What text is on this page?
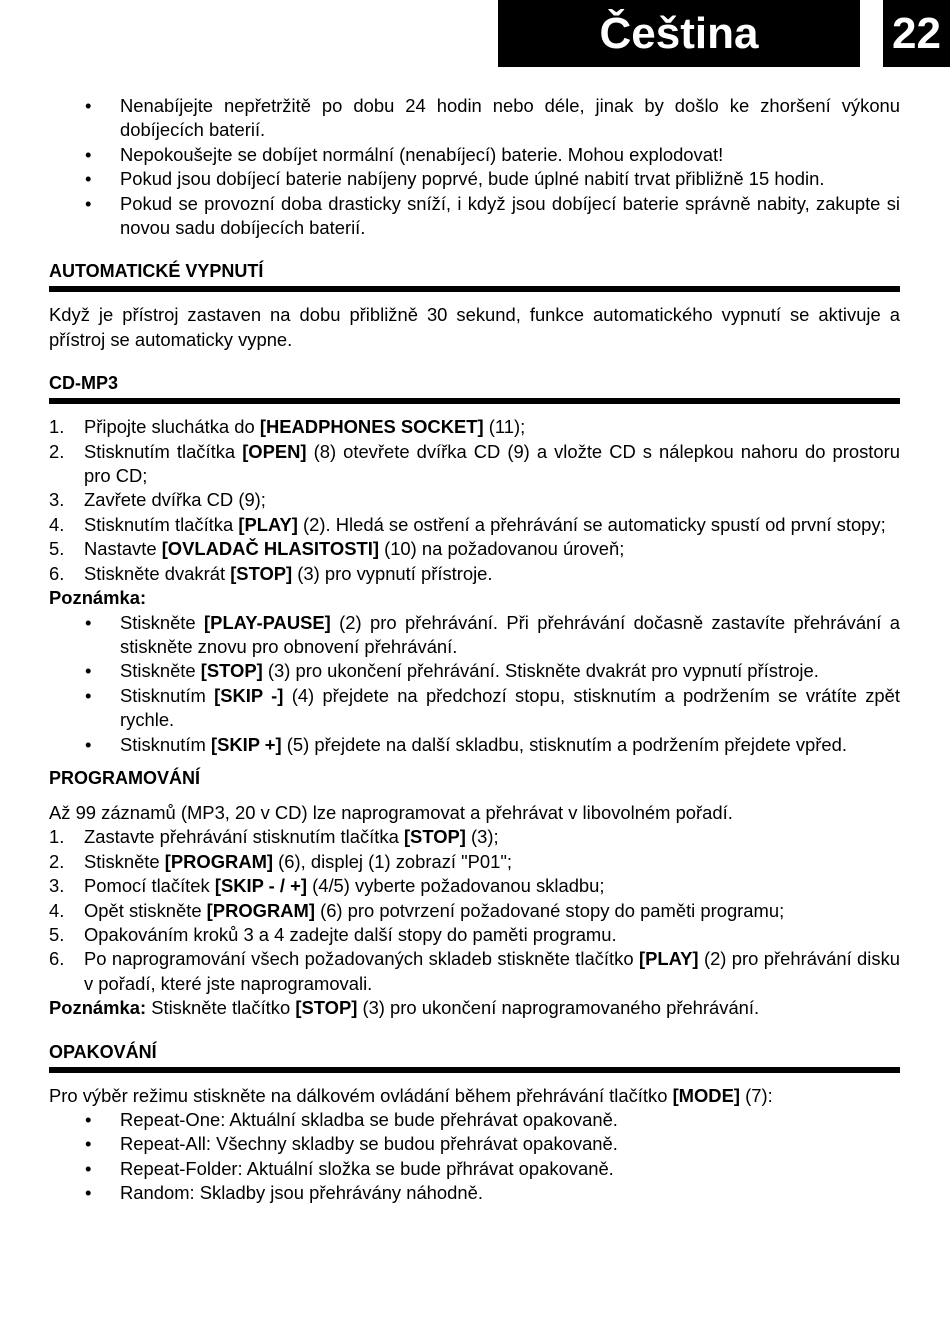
Čeština	22
• Nenabíjejte nepřetržitě po dobu 24 hodin nebo déle, jinak by došlo ke zhoršení výkonu dobíjecích baterií.
• Nepokoušejte se dobíjet normální (nenabíjecí) baterie. Mohou explodovat!
• Pokud jsou dobíjecí baterie nabíjeny poprvé, bude úplné nabití trvat přibližně 15 hodin.
• Pokud se provozní doba drasticky sníží, i když jsou dobíjecí baterie správně nabity, zakupte si novou sadu dobíjecích baterií.
AUTOMATICKÉ VYPNUTÍ
Když je přístroj zastaven na dobu přibližně 30 sekund, funkce automatického vypnutí se aktivuje a přístroj se automaticky vypne.
CD-MP3
1. Připojte sluchátka do [HEADPHONES SOCKET] (11);
2. Stisknutím tlačítka [OPEN] (8) otevřete dvířka CD (9) a vložte CD s nálepkou nahoru do prostoru pro CD;
3. Zavřete dvířka CD (9);
4. Stisknutím tlačítka [PLAY] (2). Hledá se ostření a přehrávání se automaticky spustí od první stopy;
5. Nastavte [OVLADAČ HLASITOSTI] (10) na požadovanou úroveň;
6. Stiskněte dvakrát [STOP] (3) pro vypnutí přístroje.
Poznámka:
• Stiskněte [PLAY-PAUSE] (2) pro přehrávání. Při přehrávání dočasně zastavíte přehrávání a stiskněte znovu pro obnovení přehrávání.
• Stiskněte [STOP] (3) pro ukončení přehrávání. Stiskněte dvakrát pro vypnutí přístroje.
• Stisknutím [SKIP -] (4) přejdete na předchozí stopu, stisknutím a podržením se vrátíte zpět rychle.
• Stisknutím [SKIP +] (5) přejdete na další skladbu, stisknutím a podržením přejdete vpřed.
PROGRAMOVÁNÍ
Až 99 záznamů (MP3, 20 v CD) lze naprogramovat a přehrávat v libovolném pořadí.
1. Zastavte přehrávání stisknutím tlačítka [STOP] (3);
2. Stiskněte [PROGRAM] (6), displej (1) zobrazí "P01";
3. Pomocí tlačítek [SKIP - / +] (4/5) vyberte požadovanou skladbu;
4. Opět stiskněte [PROGRAM] (6) pro potvrzení požadované stopy do paměti programu;
5. Opakováním kroků 3 a 4 zadejte další stopy do paměti programu.
6. Po naprogramování všech požadovaných skladeb stiskněte tlačítko [PLAY] (2) pro přehrávání disku v pořadí, které jste naprogramovali.
Poznámka: Stiskněte tlačítko [STOP] (3) pro ukončení naprogramovaného přehrávání.
OPAKOVÁNÍ
Pro výběr režimu stiskněte na dálkovém ovládání během přehrávání tlačítko [MODE] (7):
• Repeat-One: Aktuální skladba se bude přehrávat opakovaně.
• Repeat-All: Všechny skladby se budou přehrávat opakovaně.
• Repeat-Folder: Aktuální složka se bude přhrávat opakovaně.
• Random: Skladby jsou přehrávány náhodně.
